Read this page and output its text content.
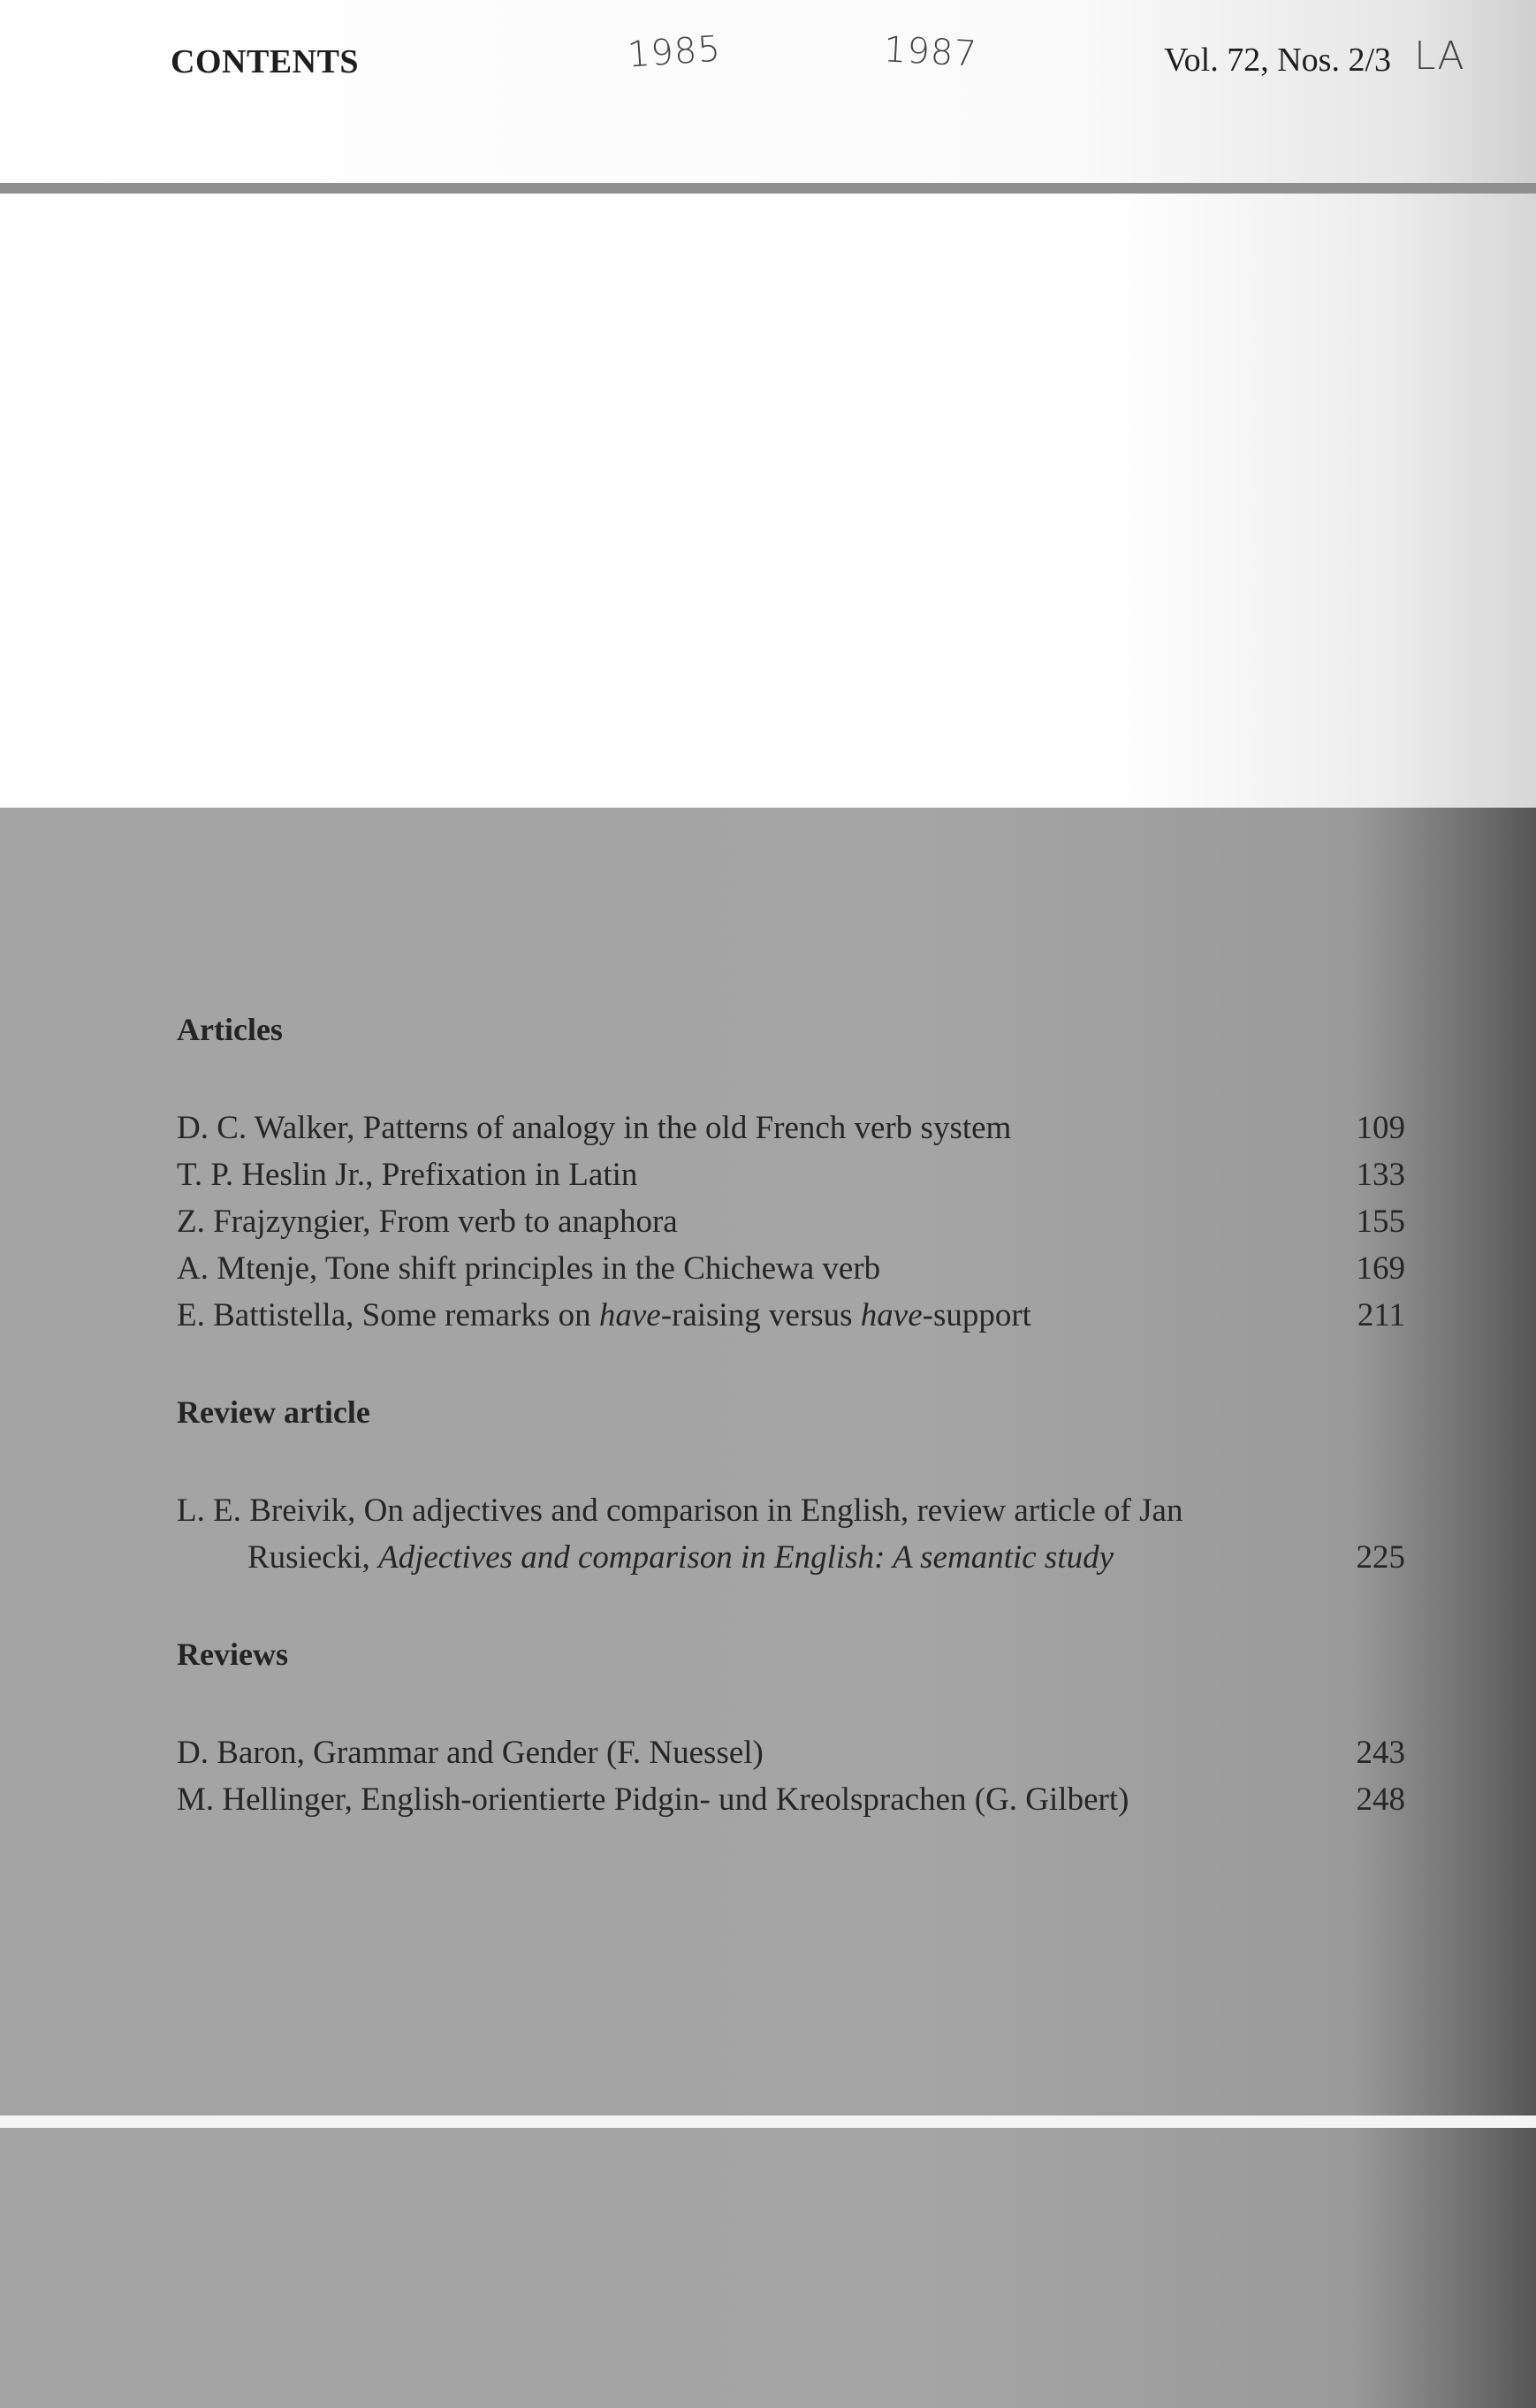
CONTENTS	1985	1987	Vol. 72, Nos. 2/3 LA
Articles
D. C. Walker, Patterns of analogy in the old French verb system	109
T. P. Heslin Jr., Prefixation in Latin	133
Z. Frajzyngier, From verb to anaphora	155
A. Mtenje, Tone shift principles in the Chichewa verb	169
E. Battistella, Some remarks on have-raising versus have-support	211
Review article
L. E. Breivik, On adjectives and comparison in English, review article of Jan
Rusiecki, Adjectives and comparison in English: A semantic study	225
Reviews
D. Baron, Grammar and Gender (F. Nuessel)	243
M. Hellinger, English-orientierte Pidgin- und Kreolsprachen (G. Gilbert)	248
